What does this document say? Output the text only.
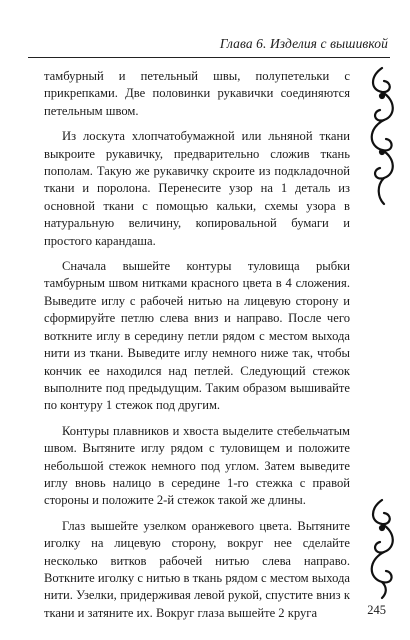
Глава 6. Изделия с вышивкой

тамбурный и петельный швы, полупетельки с прикрепками. Две половинки рукавички соединяются петельным швом.

Из лоскута хлопчатобумажной или льняной ткани выкроите рукавичку, предварительно сложив ткань пополам. Такую же рукавичку скроите из подкладочной ткани и поролона. Перенесите узор на 1 деталь из основной ткани с помощью кальки, схемы узора в натуральную величину, копировальной бумаги и простого карандаша.

Сначала вышейте контуры туловища рыбки тамбурным швом нитками красного цвета в 4 сложения. Выведите иглу с рабочей нитью на лицевую сторону и сформируйте петлю слева вниз и направо. После чего воткните иглу в середину петли рядом с местом выхода нити из ткани. Выведите иглу немного ниже так, чтобы кончик ее находился над петлей. Следующий стежок выполните под предыдущим. Таким образом вышивайте по контуру 1 стежок под другим.

Контуры плавников и хвоста выделите стебельчатым швом. Вытяните иглу рядом с туловищем и положите небольшой стежок немного под углом. Затем выведите иглу вновь налицо в середине 1-го стежка с правой стороны и положите 2-й стежок такой же длины.

Глаз вышейте узелком оранжевого цвета. Вытяните иголку на лицевую сторону, вокруг нее сделайте несколько витков рабочей нитью слева направо. Воткните иголку с нитью в ткань рядом с местом выхода нити. Узелки, придерживая левой рукой, спустите вниз к ткани и затяните их. Вокруг глаза вышейте 2 круга	245
